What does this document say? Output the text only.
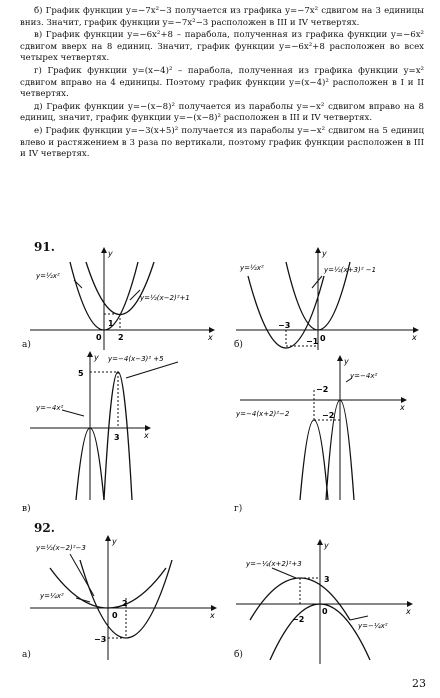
б) График функции y=−7x²−3 получается из графика y=−7x² сдвигом на 3 единицы вниз. Значит, график функции y=−7x²−3 расположен в III и IV четвертях.

в) График функции y=−6x²+8 – парабола, полученная из графика функции y=−6x² сдвигом вверх на 8 единиц. Значит, график функции y=−6x²+8 расположен во всех четырех четвертях.

г) График функции y=(x−4)² – парабола, полученная из графика функции y=x² сдвигом вправо на 4 единицы. Поэтому график функции y=(x−4)² расположен в I и II четвертях.

д) График функции y=−(x−8)² получается из параболы y=−x² сдвигом вправо на 8 единиц, значит, график функции y=−(x−8)² расположен в III и IV четвертях.

е) График функции y=−3(x+5)² получается из параболы y=−x² сдвигом на 5 единиц влево и растяжением в 3 раза по вертикали, поэтому график функции расположен в III и IV четвертях.

91.
92.
а)	б)
в)	г)
а)	б)
y=½x²
y=½(x−2)²+1
1
2
0
y
x
y=½x²	y=½(x+3)² −1
−3
−1 0
y
x
y=−4(x−3)² +5
y=−4x²
5
3
y
x
y=−4x²
y=−4(x+2)²−2
−2
−2
y
x
y=½(x−2)²−3
y=¼x²
2
−3
0
y
x
y=−¼(x+2)²+3
y=−¼x²
3
−2
0
y
x
23
